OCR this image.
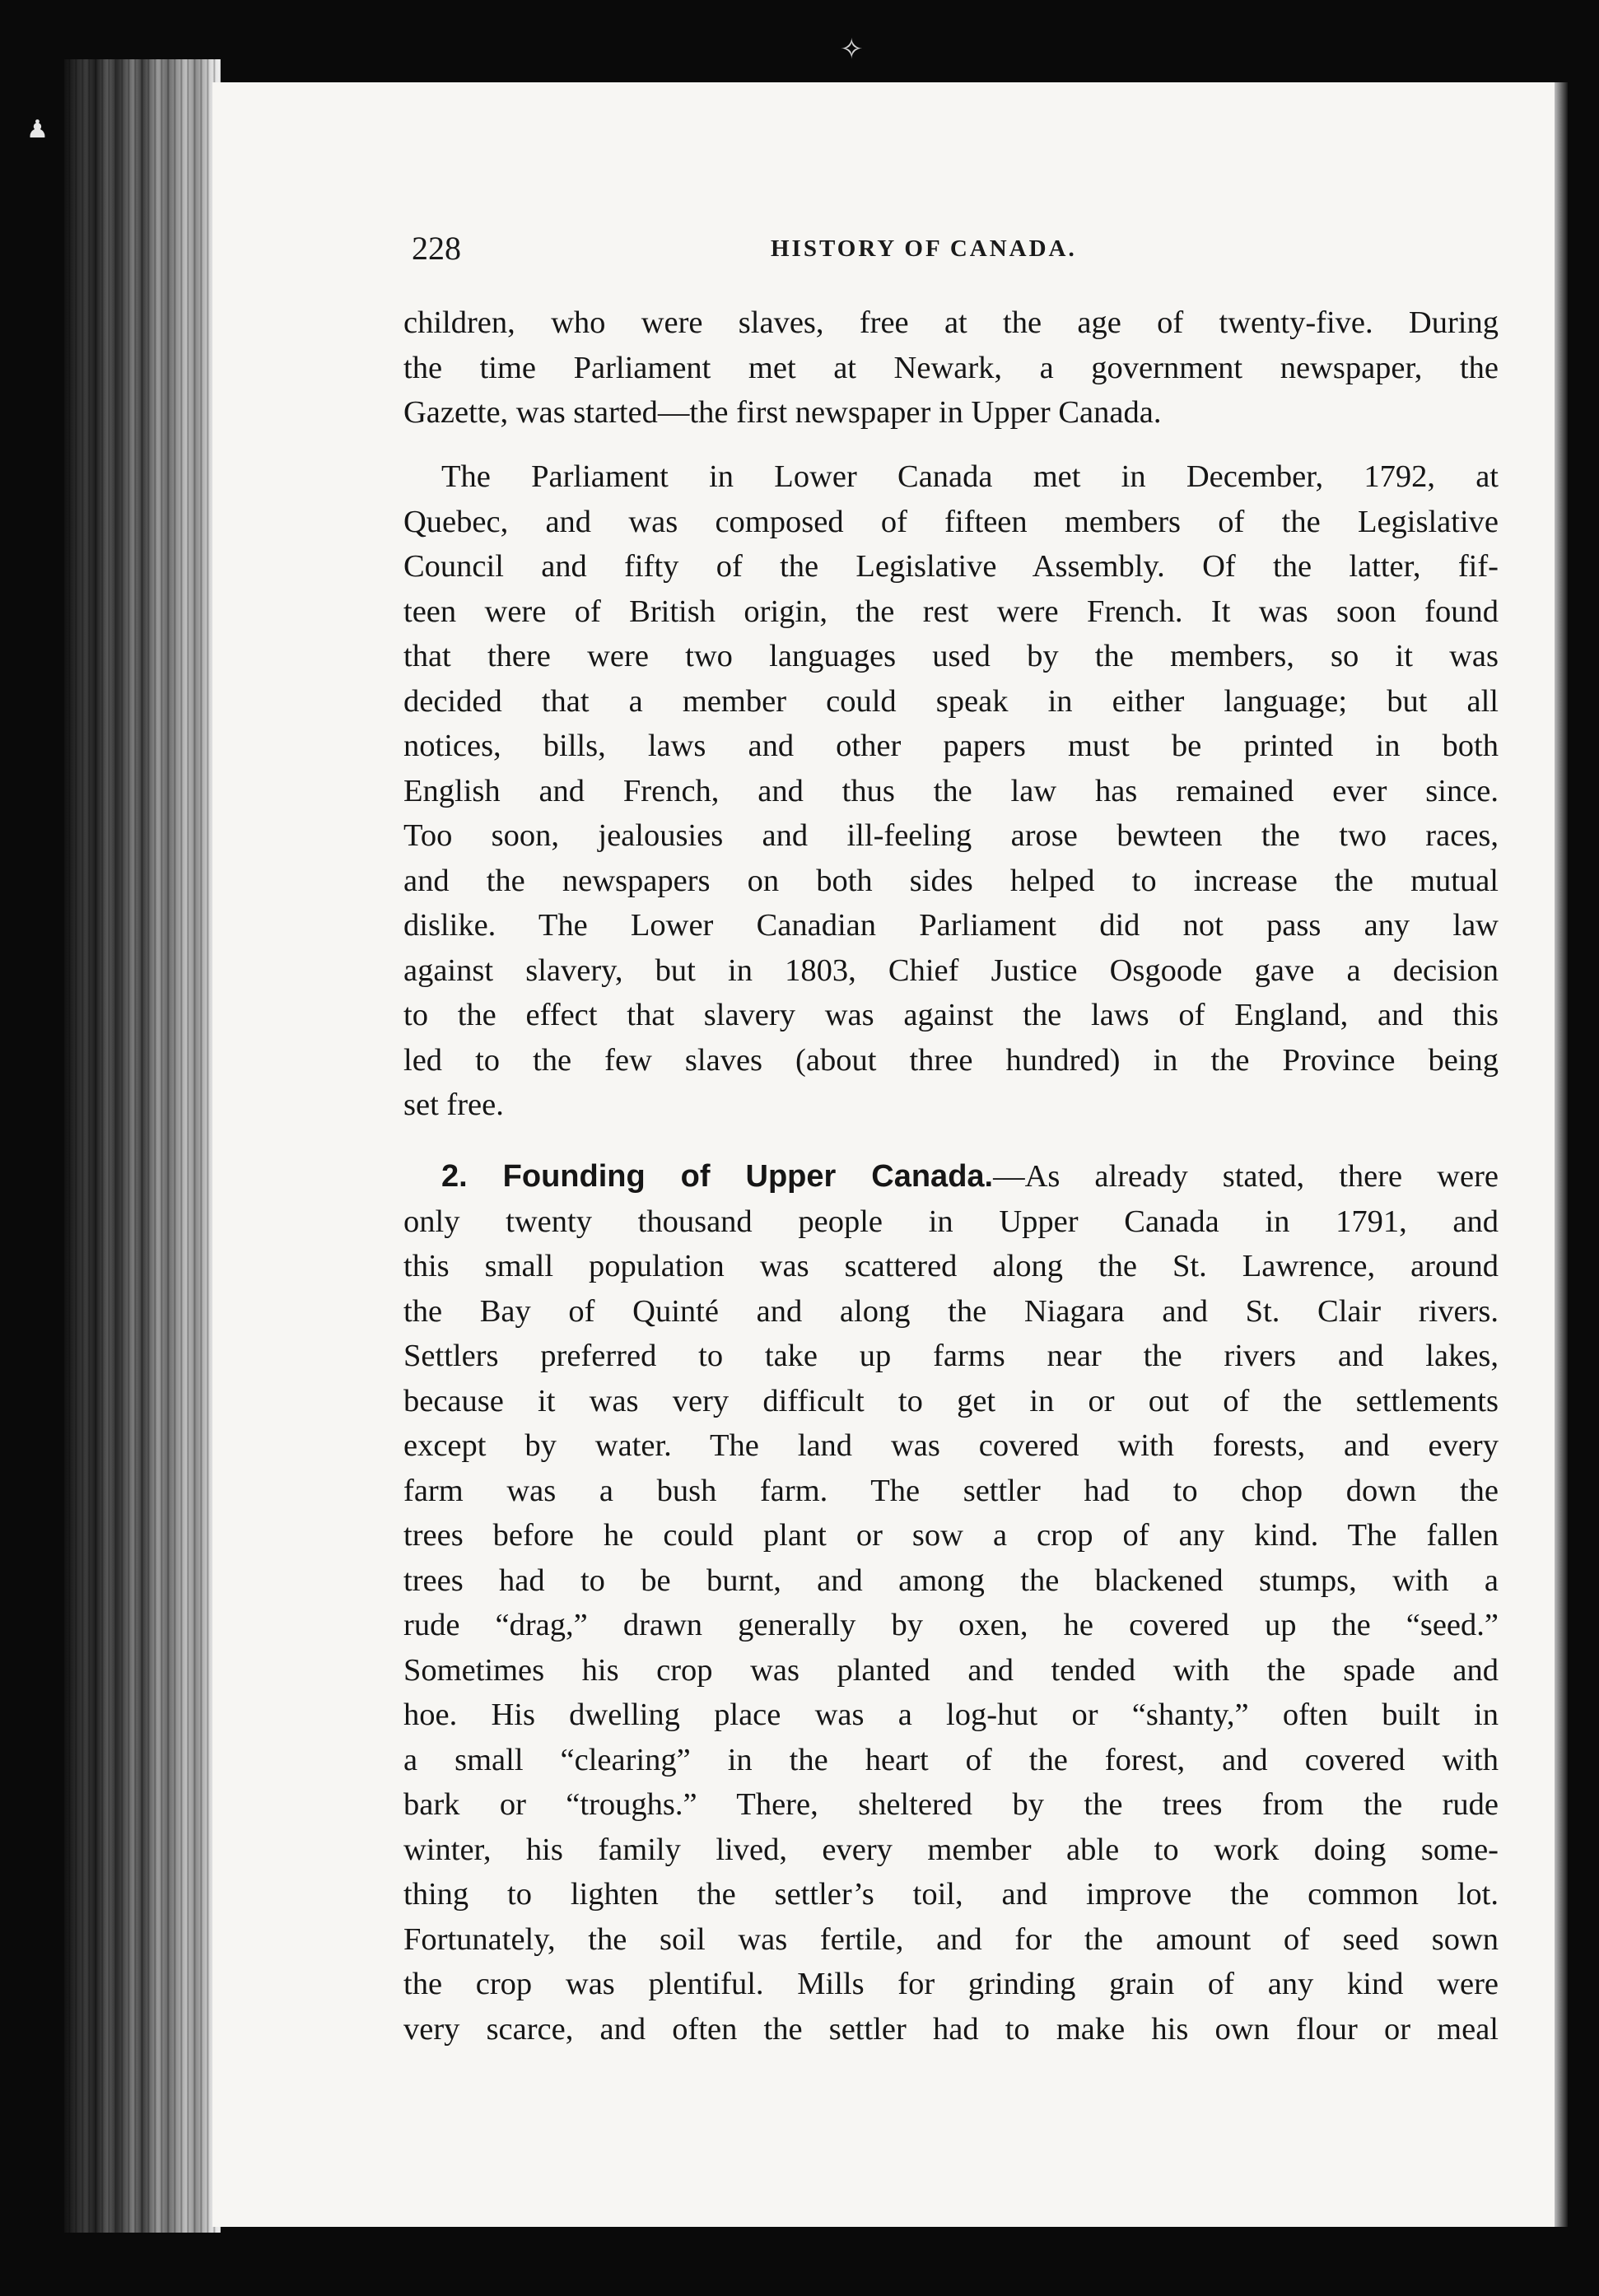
✧
♟
228	HISTORY OF CANADA.
children, who were slaves, free at the age of twenty-five. During
the time Parliament met at Newark, a government newspaper, the
Gazette, was started—the first newspaper in Upper Canada.
The Parliament in Lower Canada met in December, 1792, at
Quebec, and was composed of fifteen members of the Legislative
Council and fifty of the Legislative Assembly. Of the latter, fif-
teen were of British origin, the rest were French. It was soon found
that there were two languages used by the members, so it was
decided that a member could speak in either language; but all
notices, bills, laws and other papers must be printed in both
English and French, and thus the law has remained ever since.
Too soon, jealousies and ill-feeling arose bewteen the two races,
and the newspapers on both sides helped to increase the mutual
dislike. The Lower Canadian Parliament did not pass any law
against slavery, but in 1803, Chief Justice Osgoode gave a decision
to the effect that slavery was against the laws of England, and this
led to the few slaves (about three hundred) in the Province being
set free.
2. Founding of Upper Canada.—As already stated, there were
only twenty thousand people in Upper Canada in 1791, and
this small population was scattered along the St. Lawrence, around
the Bay of Quinté and along the Niagara and St. Clair rivers.
Settlers preferred to take up farms near the rivers and lakes,
because it was very difficult to get in or out of the settlements
except by water. The land was covered with forests, and every
farm was a bush farm. The settler had to chop down the
trees before he could plant or sow a crop of any kind. The fallen
trees had to be burnt, and among the blackened stumps, with a
rude “drag,” drawn generally by oxen, he covered up the “seed.”
Sometimes his crop was planted and tended with the spade and
hoe. His dwelling place was a log-hut or “shanty,” often built in
a small “clearing” in the heart of the forest, and covered with
bark or “troughs.” There, sheltered by the trees from the rude
winter, his family lived, every member able to work doing some-
thing to lighten the settler’s toil, and improve the common lot.
Fortunately, the soil was fertile, and for the amount of seed sown
the crop was plentiful. Mills for grinding grain of any kind were
very scarce, and often the settler had to make his own flour or meal
